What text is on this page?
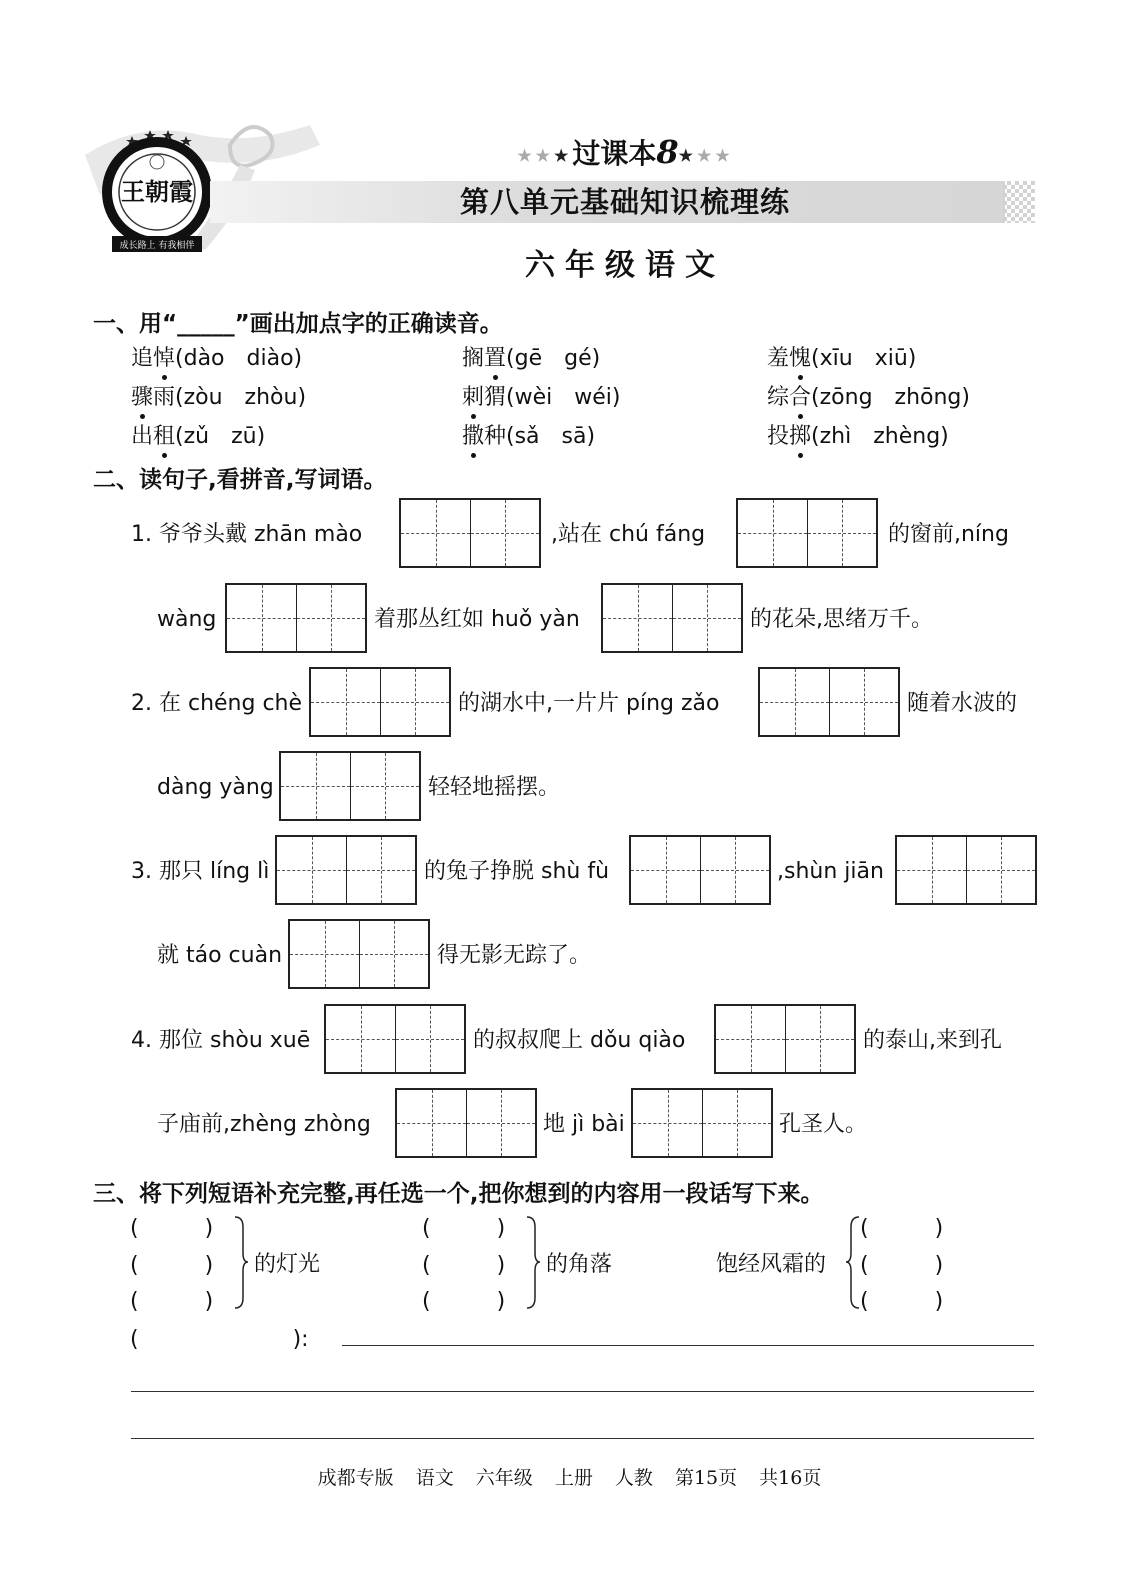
王朝霞
成长路上 有我相伴
★★★过课本8★★★
第八单元基础知识梳理练
六年级语文
一、用“_____”画出加点字的正确读音。
追悼(dào　diào)	搁置(gē　gé)	羞愧(xīu　xiū)
骤雨(zòu　zhòu)	刺猬(wèi　wéi)	综合(zōng　zhōng)
出租(zǔ　zū)	撒种(sǎ　sā)	投掷(zhì　zhèng)
二、读句子,看拼音,写词语。
1. 爷爷头戴 zhān mào	,站在 chú fáng	的窗前,níng
wàng	着那丛红如 huǒ yàn	的花朵,思绪万千。
2. 在 chéng chè	的湖水中,一片片 píng zǎo	随着水波的
dàng yàng	轻轻地摇摆。
3. 那只 líng lì	的兔子挣脱 shù fù	,shùn jiān
就 táo cuàn	得无影无踪了。
4. 那位 shòu xuē	的叔叔爬上 dǒu qiào	的泰山,来到孔
子庙前,zhèng zhòng	地 jì bài	孔圣人。
三、将下列短语补充完整,再任选一个,把你想到的内容用一段话写下来。
(　　　)
(　　　)
(　　　)
的灯光
(　　　)
(　　　)
(　　　)
的角落	饱经风霜的
(　　　)
(　　　)
(　　　)
(　　　　　　　):
成都专版 语文 六年级 上册 人教 第15页 共16页
